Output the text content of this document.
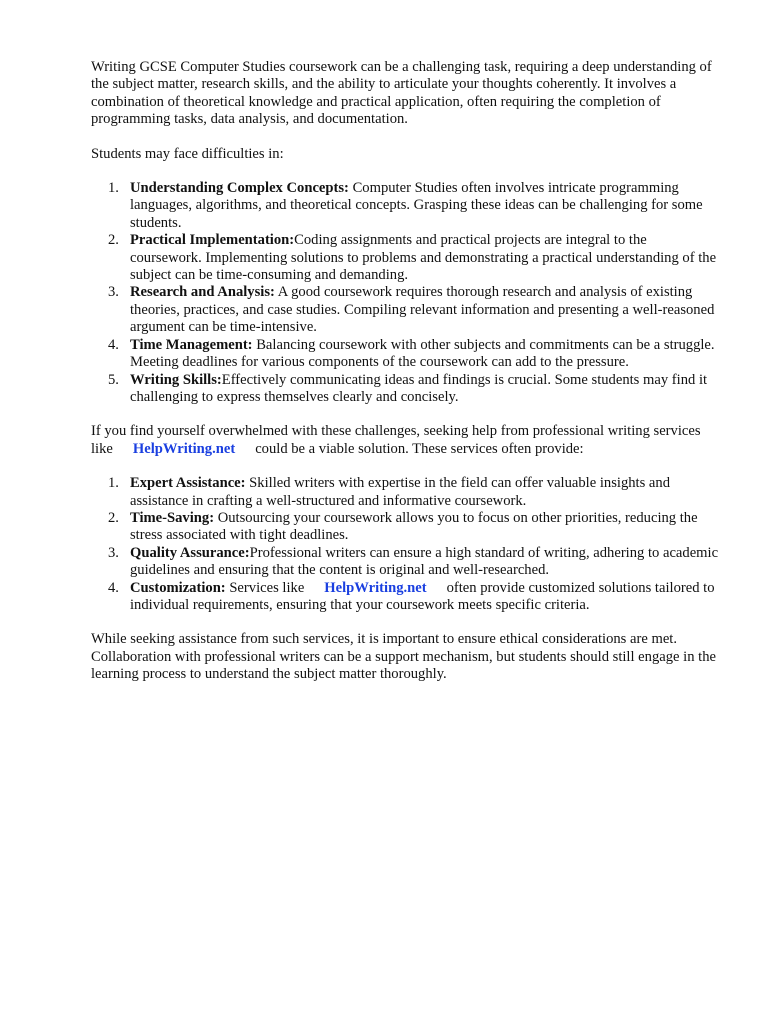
Writing GCSE Computer Studies coursework can be a challenging task, requiring a deep understanding of the subject matter, research skills, and the ability to articulate your thoughts coherently. It involves a combination of theoretical knowledge and practical application, often requiring the completion of programming tasks, data analysis, and documentation.

Students may face difficulties in:

1. Understanding Complex Concepts: Computer Studies often involves intricate programming languages, algorithms, and theoretical concepts. Grasping these ideas can be challenging for some students.
2. Practical Implementation:Coding assignments and practical projects are integral to the coursework. Implementing solutions to problems and demonstrating a practical understanding of the subject can be time-consuming and demanding.
3. Research and Analysis: A good coursework requires thorough research and analysis of existing theories, practices, and case studies. Compiling relevant information and presenting a well-reasoned argument can be time-intensive.
4. Time Management: Balancing coursework with other subjects and commitments can be a struggle. Meeting deadlines for various components of the coursework can add to the pressure.
5. Writing Skills:Effectively communicating ideas and findings is crucial. Some students may find it challenging to express themselves clearly and concisely.

If you find yourself overwhelmed with these challenges, seeking help from professional writing services like HelpWriting.net could be a viable solution. These services often provide:

1. Expert Assistance: Skilled writers with expertise in the field can offer valuable insights and assistance in crafting a well-structured and informative coursework.
2. Time-Saving: Outsourcing your coursework allows you to focus on other priorities, reducing the stress associated with tight deadlines.
3. Quality Assurance:Professional writers can ensure a high standard of writing, adhering to academic guidelines and ensuring that the content is original and well-researched.
4. Customization: Services like HelpWriting.net often provide customized solutions tailored to individual requirements, ensuring that your coursework meets specific criteria.

While seeking assistance from such services, it is important to ensure ethical considerations are met. Collaboration with professional writers can be a support mechanism, but students should still engage in the learning process to understand the subject matter thoroughly.
